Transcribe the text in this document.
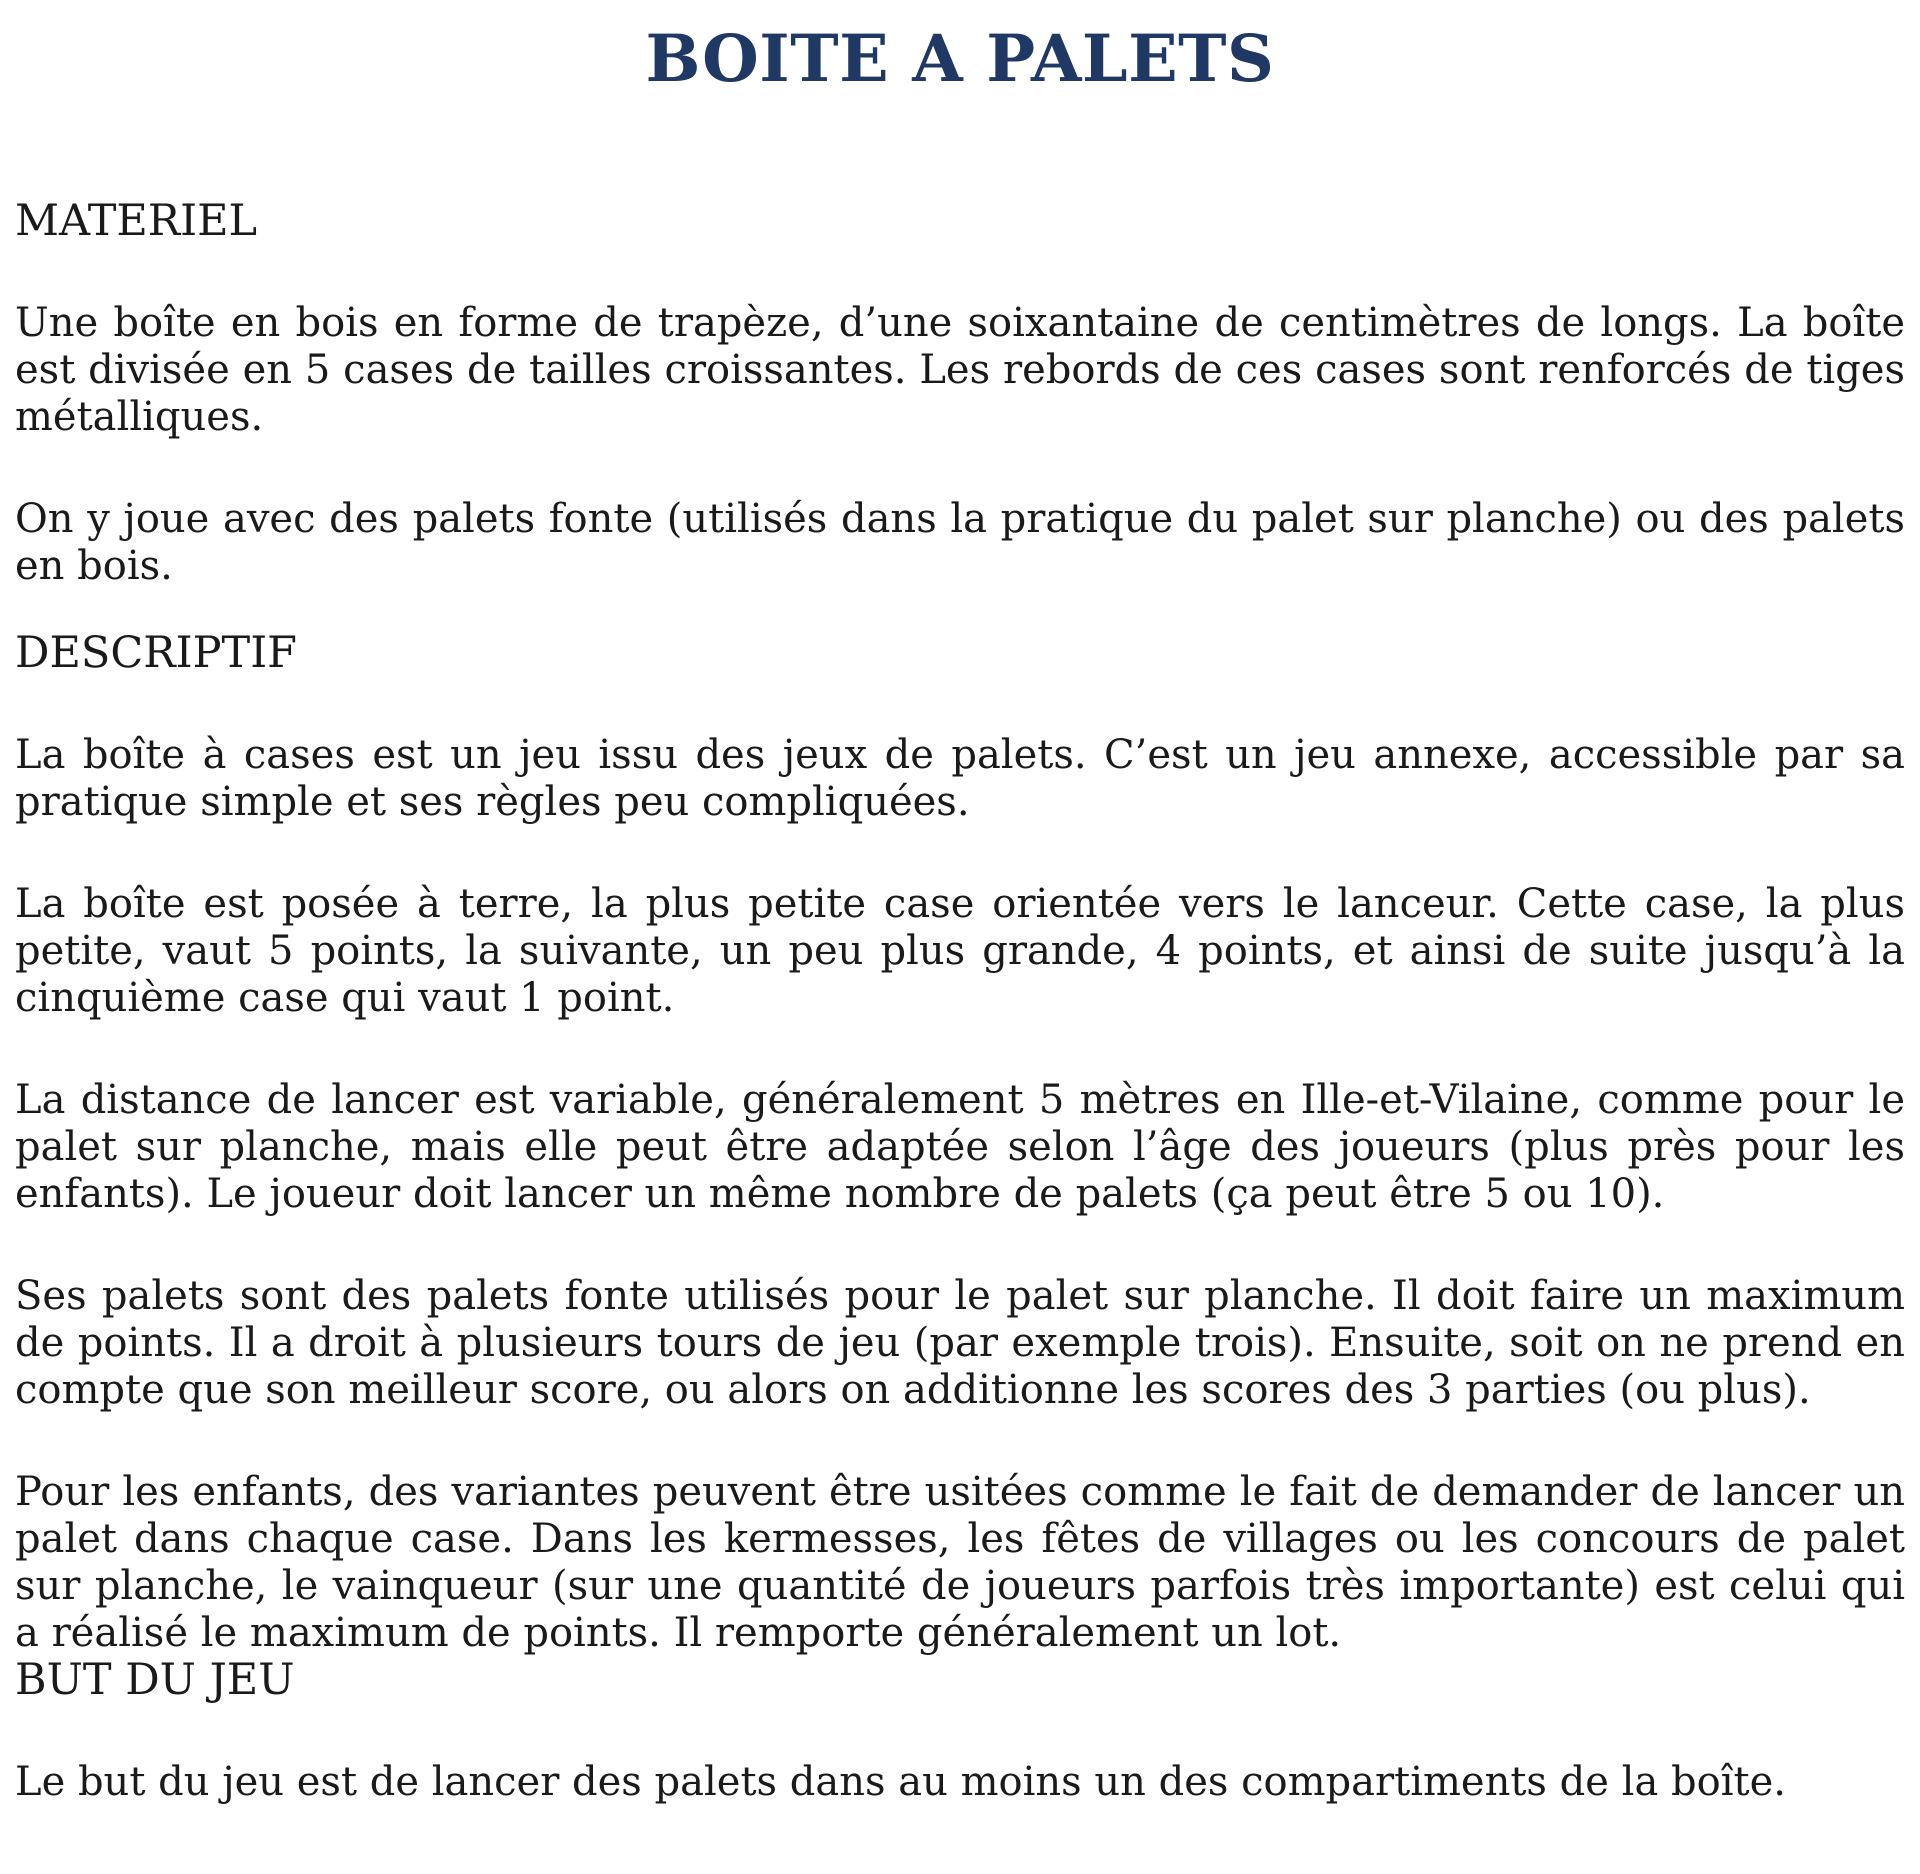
BOITE A PALETS
MATERIEL

Une boîte en bois en forme de trapèze, d’une soixantaine de centimètres de longs. La boîte est divisée en 5 cases de tailles croissantes. Les rebords de ces cases sont renforcés de tiges métalliques.

On y joue avec des palets fonte (utilisés dans la pratique du palet sur planche) ou des palets en bois.

DESCRIPTIF

La boîte à cases est un jeu issu des jeux de palets. C’est un jeu annexe, accessible par sa pratique simple et ses règles peu compliquées.

La boîte est posée à terre, la plus petite case orientée vers le lanceur. Cette case, la plus petite, vaut 5 points, la suivante, un peu plus grande, 4 points, et ainsi de suite jusqu’à la cinquième case qui vaut 1 point.

La distance de lancer est variable, généralement 5 mètres en Ille-et-Vilaine, comme pour le palet sur planche, mais elle peut être adaptée selon l’âge des joueurs (plus près pour les enfants). Le joueur doit lancer un même nombre de palets (ça peut être 5 ou 10).

Ses palets sont des palets fonte utilisés pour le palet sur planche. Il doit faire un maximum de points. Il a droit à plusieurs tours de jeu (par exemple trois). Ensuite, soit on ne prend en compte que son meilleur score, ou alors on additionne les scores des 3 parties (ou plus).

Pour les enfants, des variantes peuvent être usitées comme le fait de demander de lancer un palet dans chaque case. Dans les kermesses, les fêtes de villages ou les concours de palet sur planche, le vainqueur (sur une quantité de joueurs parfois très importante) est celui qui a réalisé le maximum de points. Il remporte généralement un lot.

BUT DU JEU

Le but du jeu est de lancer des palets dans au moins un des compartiments de la boîte.
